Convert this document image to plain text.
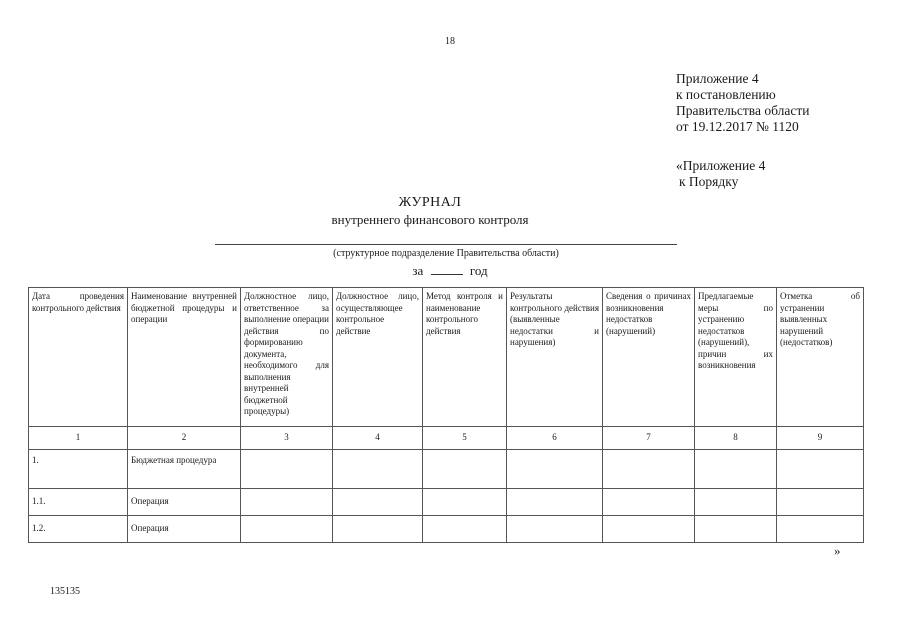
18
Приложение 4
к постановлению
Правительства области
от 19.12.2017 № 1120
«Приложение 4
к Порядку
ЖУРНАЛ
внутреннего финансового контроля
(структурное подразделение Правительства области)
за	год
Дата проведения контрольного действия	Наименование внутренней бюджетной процедуры и операции	Должностное лицо, ответственное за выполнение операции действия по формированию документа, необходимого для выполнения внутренней бюджетной процедуры)	Должностное лицо, осуществляющее контрольное действие	Метод контроля и наименование контрольного действия	Результаты контрольного действия (выявленные недостатки и нарушения)	Сведения о причинах возникновения недостатков (нарушений)	Предлагаемые меры по устранению недостатков (нарушений), причин их возникновения	Отметка об устранении выявленных нарушений (недостатков)
1	2	3	4	5	6	7	8	9
1.	Бюджетная процедура							
1.1.	Операция							
1.2.	Операция							
»
135135
